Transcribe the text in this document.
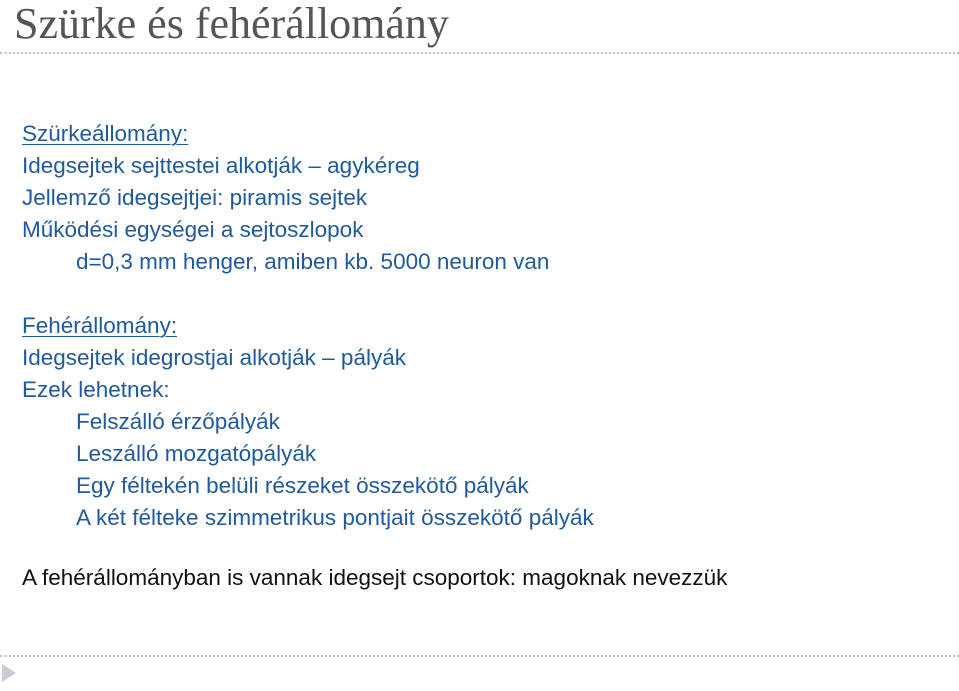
Szürke és fehérállomány
Szürkeállomány:
Idegsejtek sejttestei alkotják – agykéreg
Jellemző idegsejtjei: piramis sejtek
Működési egységei a sejtoszlopok
d=0,3 mm henger, amiben kb. 5000 neuron van
Fehérállomány:
Idegsejtek idegrostjai alkotják – pályák
Ezek lehetnek:
Felszálló érzőpályák
Leszálló mozgatópályák
Egy féltekén belüli részeket összekötő pályák
A két félteke szimmetrikus pontjait összekötő pályák
A fehérállományban is vannak idegsejt csoportok: magoknak nevezzük
